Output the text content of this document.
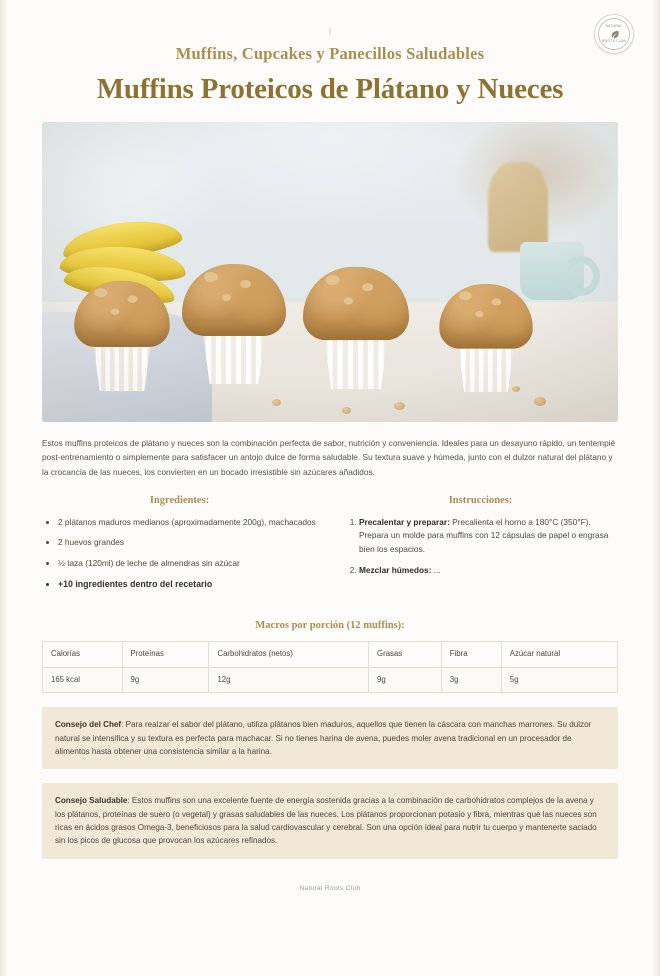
|
NATURAL
ROOTS CLUB
Muffins, Cupcakes y Panecillos Saludables
Muffins Proteicos de Plátano y Nueces

Estos muffins proteicos de plátano y nueces son la combinación perfecta de sabor, nutrición y conveniencia. Ideales para un desayuno rápido, un tentempié post-entrenamiento o simplemente para satisfacer un antojo dulce de forma saludable. Su textura suave y húmeda, junto con el dulzor natural del plátano y la crocancia de las nueces, los convierten en un bocado irresistible sin azúcares añadidos.

Ingredientes:
• 2 plátanos maduros medianos (aproximadamente 200g), machacados
• 2 huevos grandes
• ½ taza (120ml) de leche de almendras sin azúcar
• +10 ingredientes dentro del recetario
Instrucciones:
1. Precalentar y preparar: Precalienta el horno a 180°C (350°F). Prepara un molde para muffins con 12 cápsulas de papel o engrasa bien los espacios.
2. Mezclar húmedos: ...
Macros por porción (12 muffins):
Calorías	Proteínas	Carbohidratos (netos)	Grasas	Fibra	Azúcar natural
165 kcal	9g	12g	9g	3g	5g
Consejo del Chef: Para realzar el sabor del plátano, utiliza plátanos bien maduros, aquellos que tienen la cáscara con manchas marrones. Su dulzor natural se intensifica y su textura es perfecta para machacar. Si no tienes harina de avena, puedes moler avena tradicional en un procesador de alimentos hasta obtener una consistencia similar a la harina.
Consejo Saludable: Estos muffins son una excelente fuente de energía sostenida gracias a la combinación de carbohidratos complejos de la avena y los plátanos, proteínas de suero (o vegetal) y grasas saludables de las nueces. Los plátanos proporcionan potasio y fibra, mientras que las nueces son ricas en ácidos grasos Omega-3, beneficiosos para la salud cardiovascular y cerebral. Son una opción ideal para nutrir tu cuerpo y mantenerte saciado sin los picos de glucosa que provocan los azúcares refinados.
Natural Roots Club
